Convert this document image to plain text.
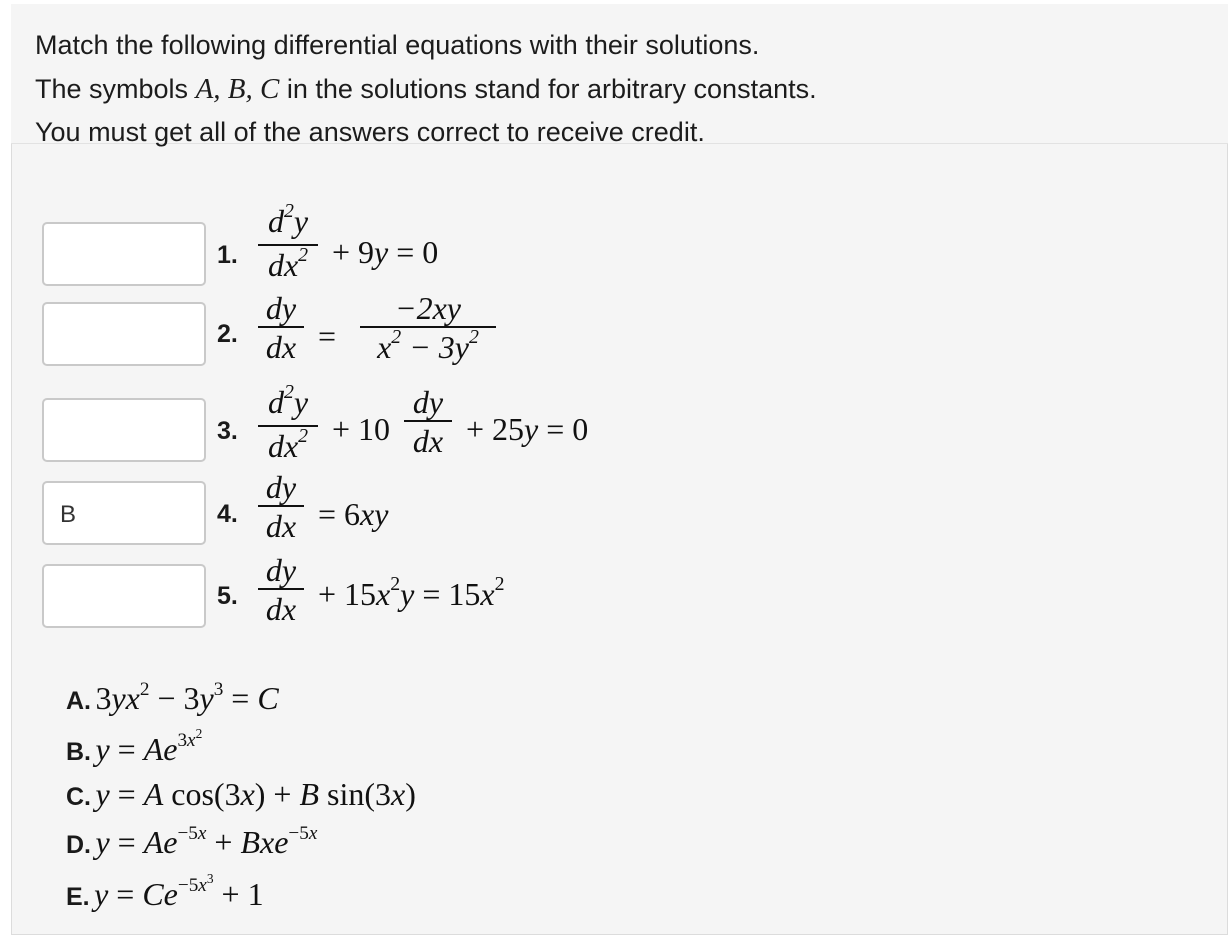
Match the following differential equations with their solutions.
The symbols A, B, C in the solutions stand for arbitrary constants.
You must get all of the answers correct to receive credit.
B
1.
2.
3.
4.
5.
$d^2y$
$dx^2 + 9y = 0$
dy
dx =
−2xy
$x^2 - 3y^2$
$d^2y$
$dx^2 + 10$
dy
dx + 25y = 0
dy
dx = 6xy
dy
dx + $15x^2y = 15x^2$
A. $3yx^2 - 3y^3 = C$
B. $y = Ae^{3x^2}$
C. y = A cos(3x) + B sin(3x)
D. $y = Ae^{-5x} + Bxe^{-5x}$
E. $y = Ce^{-5x^3} + 1$
